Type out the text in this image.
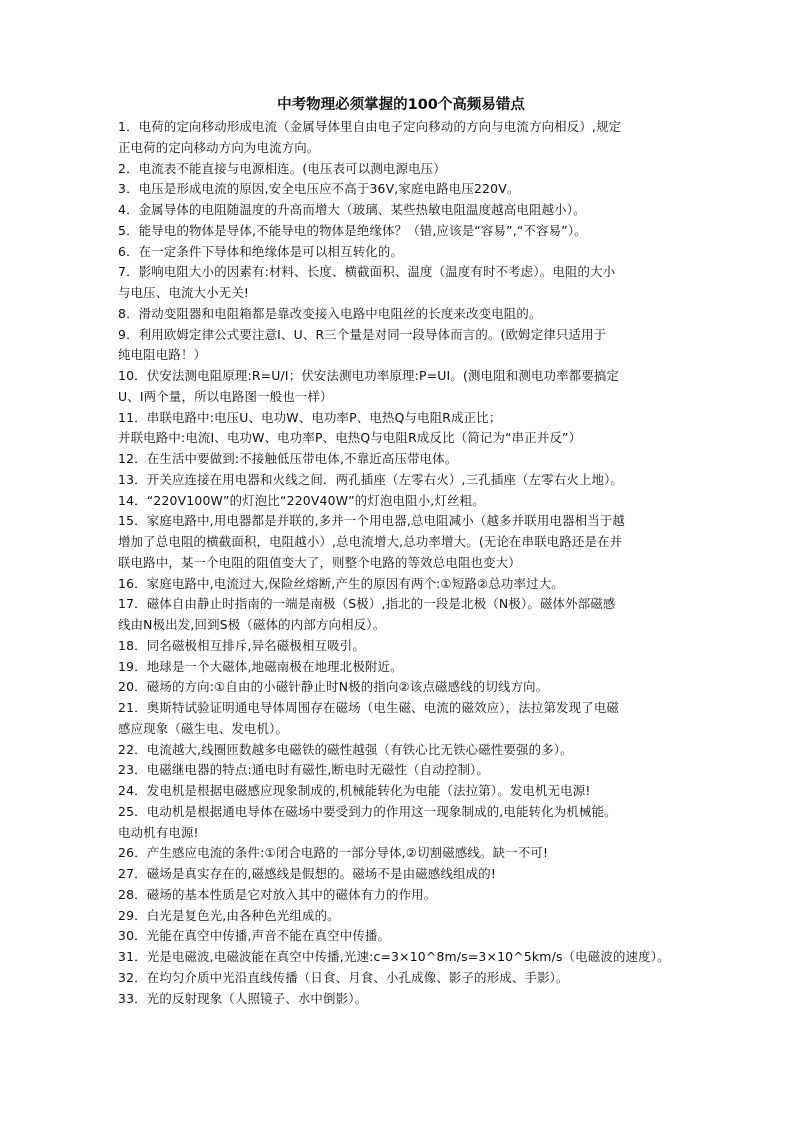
中考物理必须掌握的100个高频易错点
1．电荷的定向移动形成电流（金属导体里自由电子定向移动的方向与电流方向相反）,规定
正电荷的定向移动方向为电流方向。
2．电流表不能直接与电源相连。(电压表可以测电源电压）
3．电压是形成电流的原因,安全电压应不高于36V,家庭电路电压220V。
4．金属导体的电阻随温度的升高而增大（玻璃、某些热敏电阻温度越高电阻越小）。
5．能导电的物体是导体,不能导电的物体是绝缘体？（错,应该是“容易”,“不容易”）。
6．在一定条件下导体和绝缘体是可以相互转化的。
7．影响电阻大小的因素有:材料、长度、横截面积、温度（温度有时不考虑）。电阻的大小
与电压、电流大小无关!
8．滑动变阻器和电阻箱都是靠改变接入电路中电阻丝的长度来改变电阻的。
9．利用欧姆定律公式要注意I、U、R三个量是对同一段导体而言的。(欧姆定律只适用于
纯电阻电路！）
10．伏安法测电阻原理:R=U/I；伏安法测电功率原理:P=UI。(测电阻和测电功率都要搞定
U、I两个量，所以电路图一般也一样）
11．串联电路中:电压U、电功W、电功率P、电热Q与电阻R成正比；
并联电路中:电流I、电功W、电功率P、电热Q与电阻R成反比（简记为“串正并反”）
12．在生活中要做到:不接触低压带电体,不靠近高压带电体。
13．开关应连接在用电器和火线之间．两孔插座（左零右火）,三孔插座（左零右火上地）。
14．“220V100W”的灯泡比“220V40W”的灯泡电阻小,灯丝粗。
15．家庭电路中,用电器都是并联的,多并一个用电器,总电阻减小（越多并联用电器相当于越
增加了总电阻的横截面积，电阻越小）,总电流增大,总功率增大。(无论在串联电路还是在并
联电路中，某一个电阻的阻值变大了，则整个电路的等效总电阻也变大）
16．家庭电路中,电流过大,保险丝熔断,产生的原因有两个:①短路②总功率过大。
17．磁体自由静止时指南的一端是南极（S极）,指北的一段是北极（N极）。磁体外部磁感
线由N极出发,回到S极（磁体的内部方向相反）。
18．同名磁极相互排斥,异名磁极相互吸引。
19．地球是一个大磁体,地磁南极在地理北极附近。
20．磁场的方向:①自由的小磁针静止时N极的指向②该点磁感线的切线方向。
21．奥斯特试验证明通电导体周围存在磁场（电生磁、电流的磁效应），法拉第发现了电磁
感应现象（磁生电、发电机）。
22．电流越大,线圈匝数越多电磁铁的磁性越强（有铁心比无铁心磁性要强的多）。
23．电磁继电器的特点:通电时有磁性,断电时无磁性（自动控制）。
24．发电机是根据电磁感应现象制成的,机械能转化为电能（法拉第）。发电机无电源!
25．电动机是根据通电导体在磁场中要受到力的作用这一现象制成的,电能转化为机械能。
电动机有电源!
26．产生感应电流的条件:①闭合电路的一部分导体,②切割磁感线。缺一不可!
27．磁场是真实存在的,磁感线是假想的。磁场不是由磁感线组成的!
28．磁场的基本性质是它对放入其中的磁体有力的作用。
29．白光是复色光,由各种色光组成的。
30．光能在真空中传播,声音不能在真空中传播。
31．光是电磁波,电磁波能在真空中传播,光速:c=3×10^8m/s=3×10^5km/s（电磁波的速度）。
32．在均匀介质中光沿直线传播（日食、月食、小孔成像、影子的形成、手影）。
33．光的反射现象（人照镜子、水中倒影）。
